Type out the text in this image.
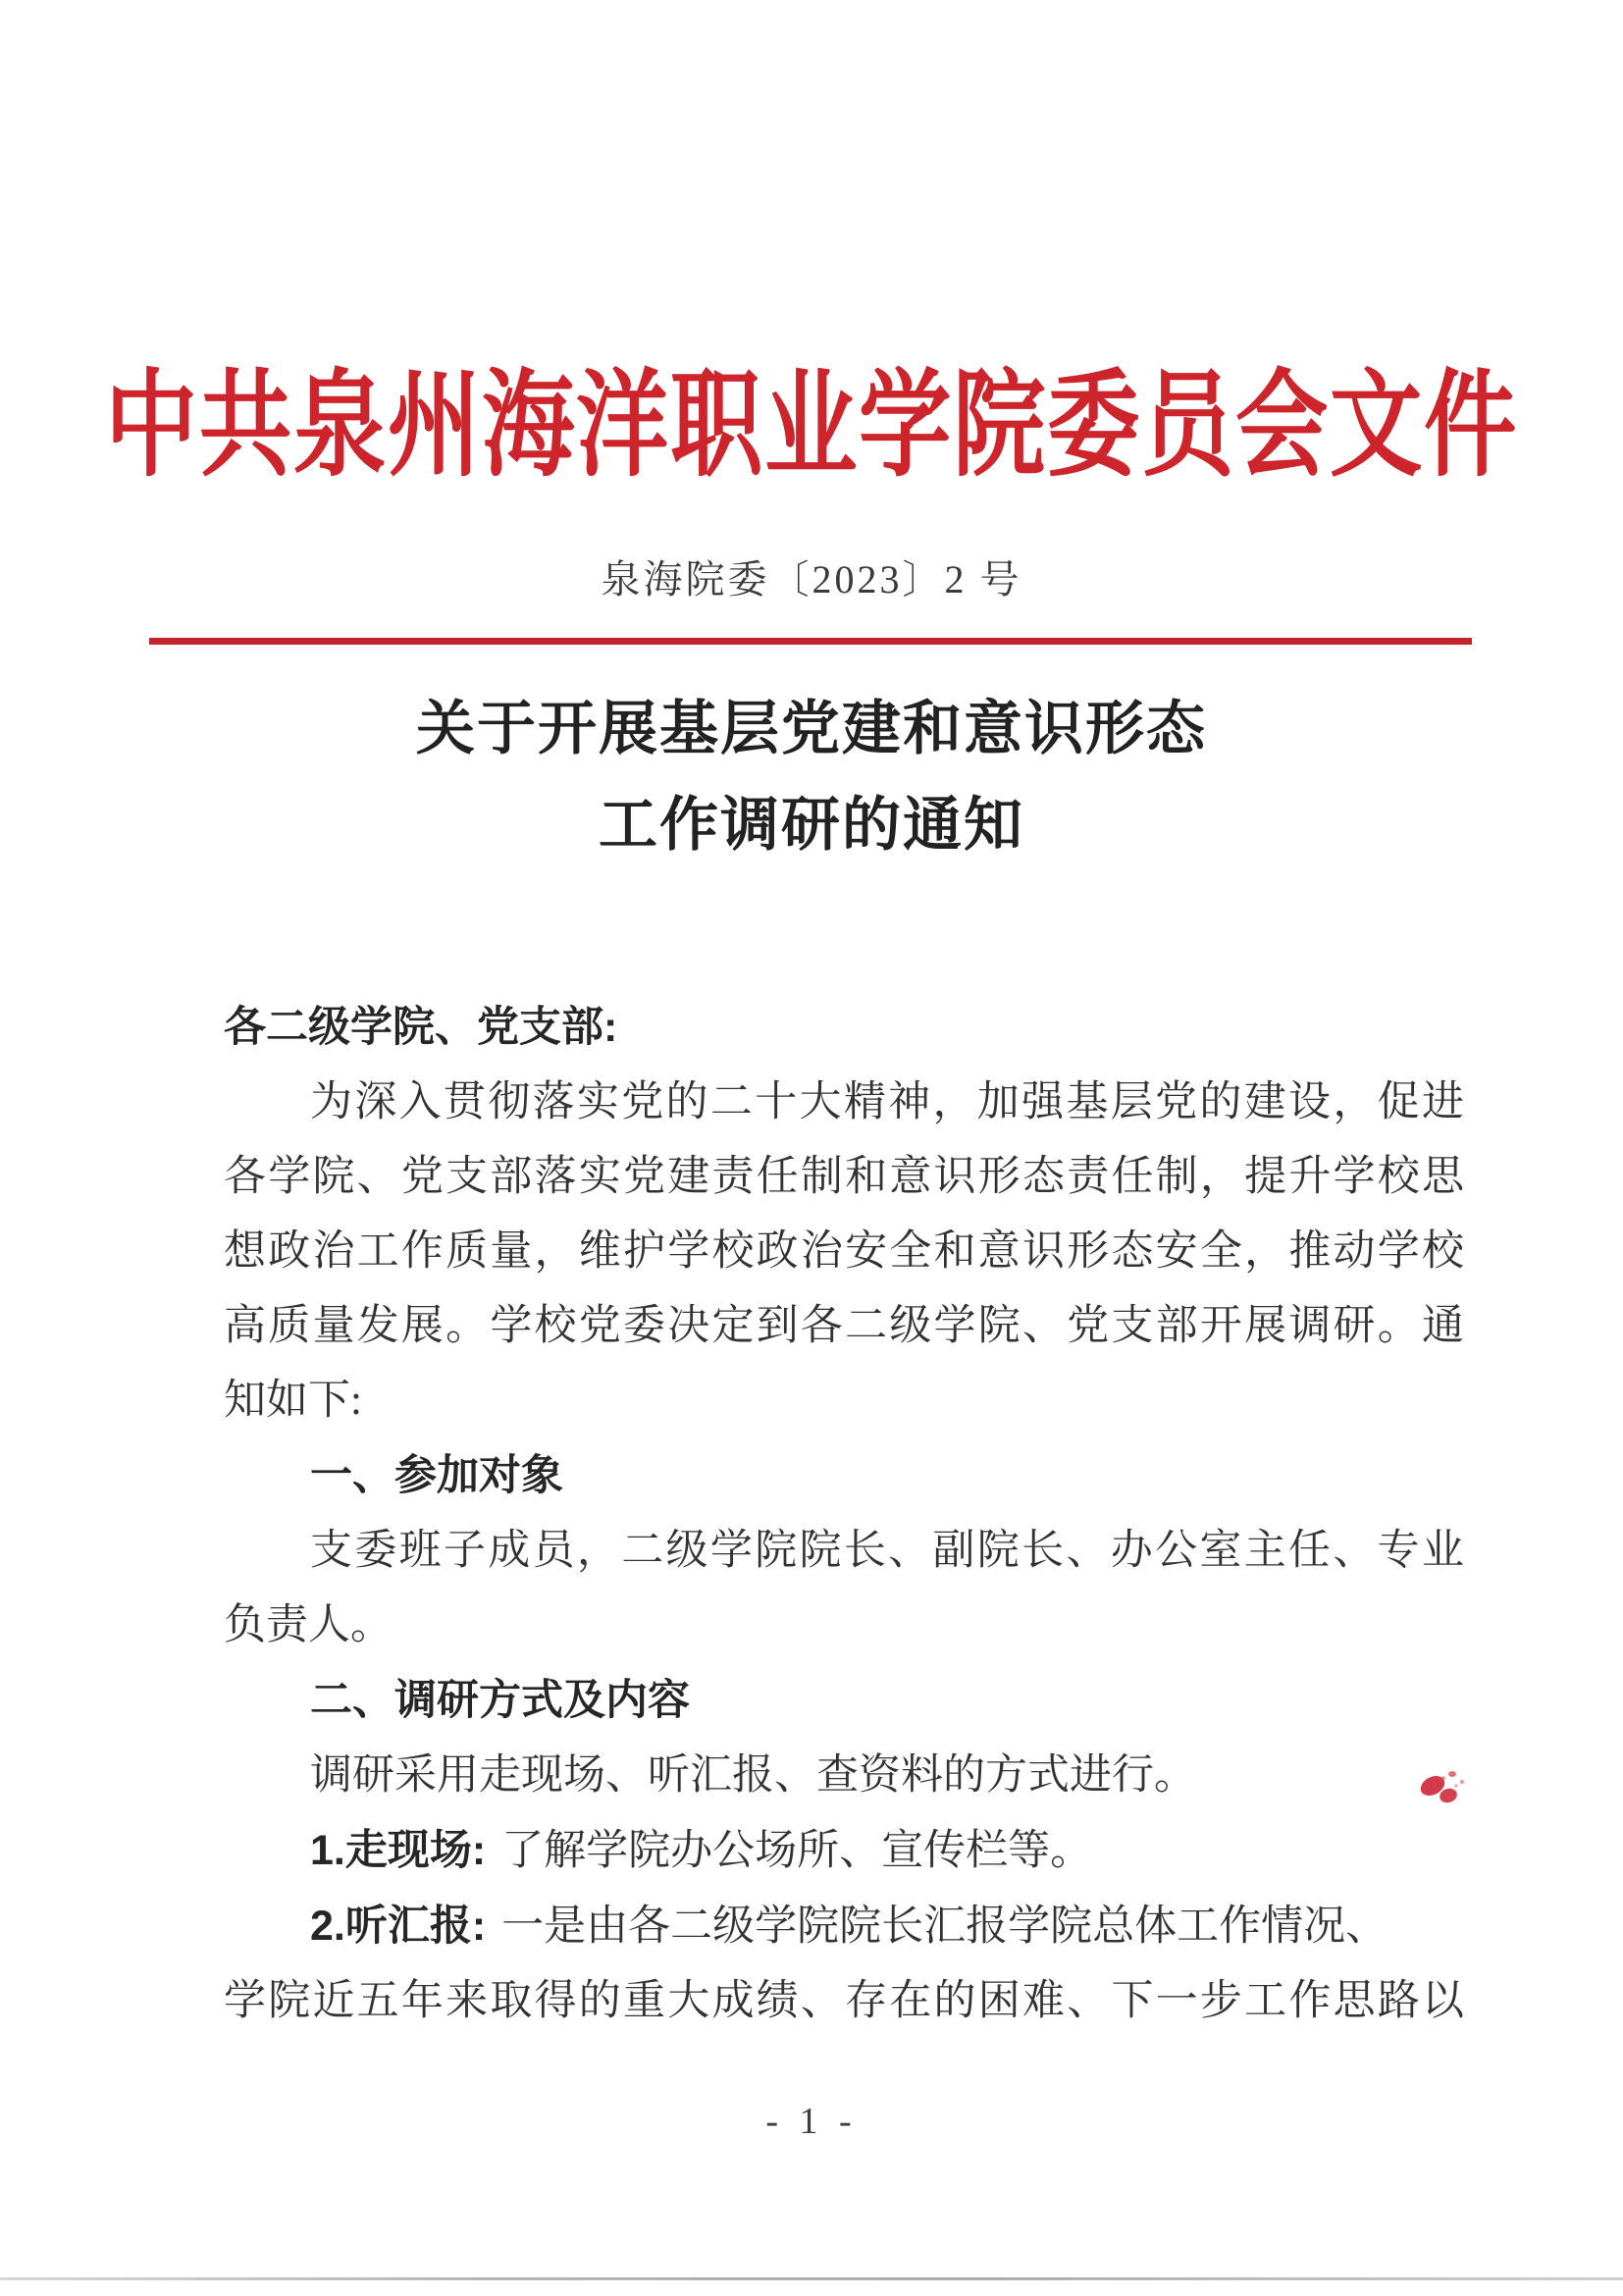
中共泉州海洋职业学院委员会文件
泉海院委〔2023〕2 号
关于开展基层党建和意识形态
工作调研的通知
各二级学院、党支部:
为深入贯彻落实党的二十大精神，加强基层党的建设，促进
各学院、党支部落实党建责任制和意识形态责任制，提升学校思
想政治工作质量，维护学校政治安全和意识形态安全，推动学校
高质量发展。学校党委决定到各二级学院、党支部开展调研。通
知如下:
一、参加对象
支委班子成员，二级学院院长、副院长、办公室主任、专业
负责人。
二、调研方式及内容
调研采用走现场、听汇报、查资料的方式进行。
1.走现场: 了解学院办公场所、宣传栏等。
2.听汇报: 一是由各二级学院院长汇报学院总体工作情况、
学院近五年来取得的重大成绩、存在的困难、下一步工作思路以
- 1 -
